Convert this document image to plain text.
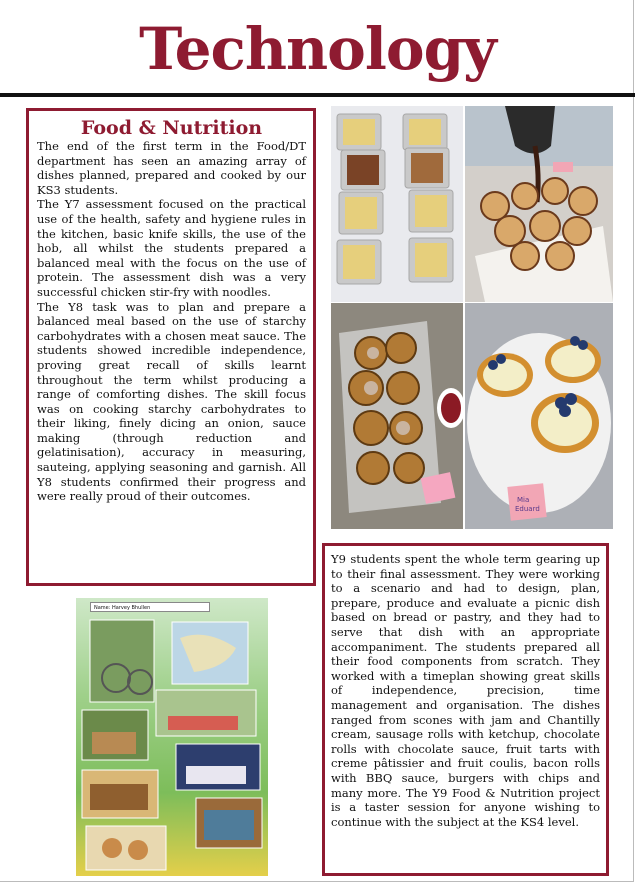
Technology
Food & Nutrition

The end of the first term in the Food/DT department has seen an amazing array of dishes planned, prepared and cooked by our KS3 students.

The Y7 assessment focused on the practical use of the health, safety and hygiene rules in the kitchen, basic knife skills, the use of the hob, all whilst the students prepared a balanced meal with the focus on the use of protein. The assessment dish was a very successful chicken stir-fry with noodles.

The Y8 task was to plan and prepare a balanced meal based on the use of starchy carbohydrates with a chosen meat sauce. The students showed incredible independence, proving great recall of skills learnt throughout the term whilst producing a range of comforting dishes. The skill focus was on cooking starchy carbohydrates to their liking, finely dicing an onion, sauce making (through reduction and gelatinisation), accuracy in measuring, sauteing, applying seasoning and garnish. All Y8 students confirmed their progress and were really proud of their outcomes.	Mia
Eduard

Y9 students spent the whole term gearing up to their final assessment. They were working to a scenario and had to design, plan, prepare, produce and evaluate a picnic dish based on bread or pastry, and they had to serve that dish with an appropriate accompaniment. The students prepared all their food components from scratch. They worked with a timeplan showing great skills of independence, precision, time management and organisation. The dishes ranged from scones with jam and Chantilly cream, sausage rolls with ketchup, chocolate rolls with chocolate sauce, fruit tarts with creme pâtissier and fruit coulis, bacon rolls with BBQ sauce, burgers with chips and many more. The Y9 Food & Nutrition project is a taster session for anyone wishing to continue with the subject at the KS4 level.

Name: Harvey Bhullen
